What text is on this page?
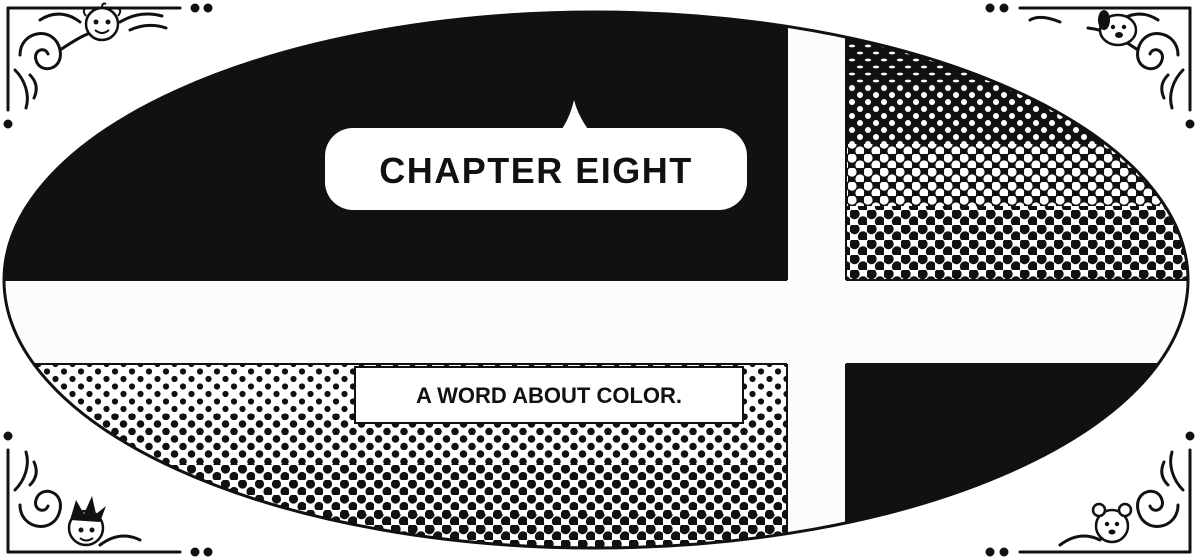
CHAPTER EIGHT
A WORD ABOUT COLOR.
